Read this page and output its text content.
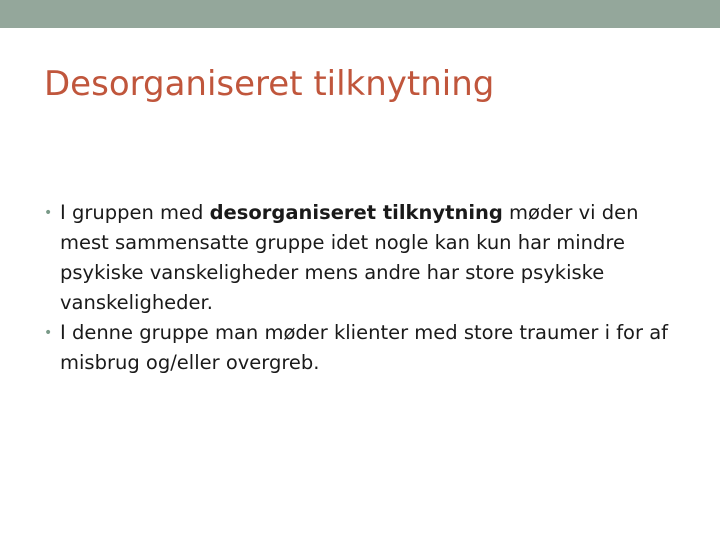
Desorganiseret tilknytning
• I gruppen med desorganiseret tilknytning møder vi den mest sammensatte gruppe idet nogle kan kun har mindre psykiske vanskeligheder mens andre har store psykiske vanskeligheder.
• I denne gruppe man møder klienter med store traumer i for af misbrug og/eller overgreb.
